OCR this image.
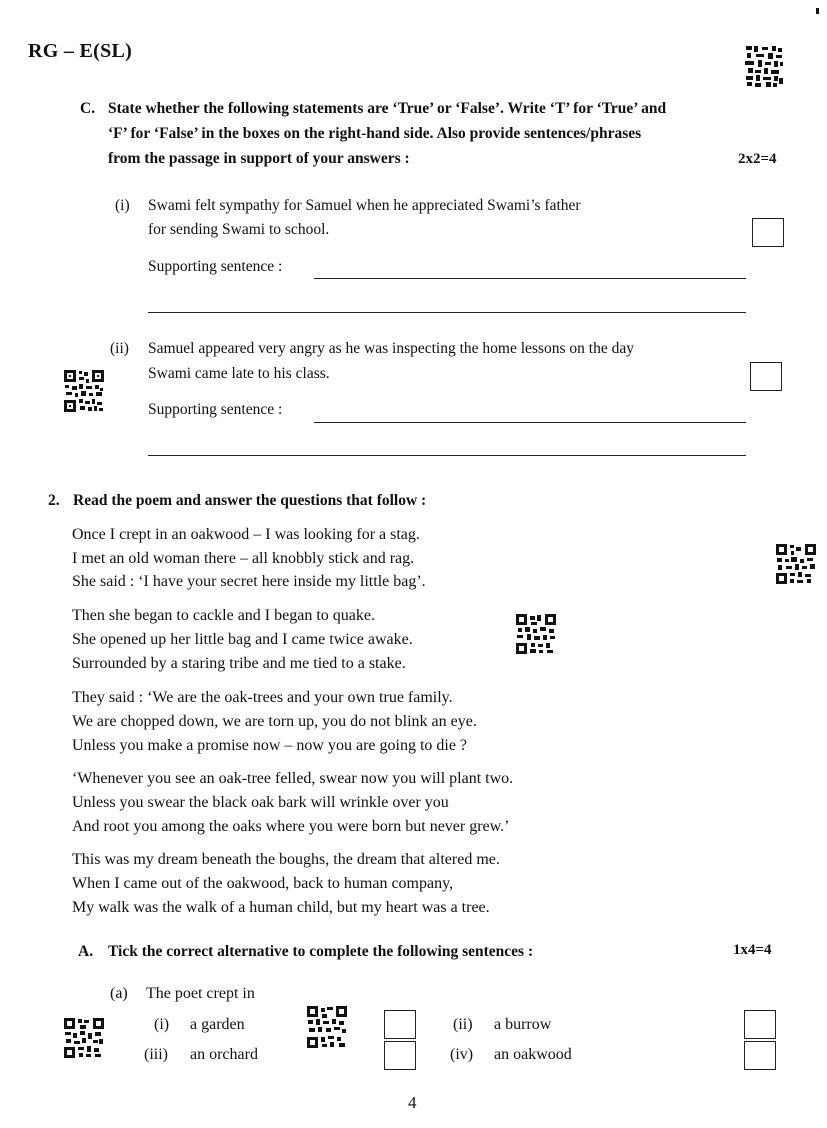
RG – E(SL)
C. State whether the following statements are ‘True’ or ‘False’. Write ‘T’ for ‘True’ and
‘F’ for ‘False’ in the boxes on the right-hand side. Also provide sentences/phrases
from the passage in support of your answers :	2x2=4
(i) Swami felt sympathy for Samuel when he appreciated Swami’s father
for sending Swami to school.
Supporting sentence :
(ii) Samuel appeared very angry as he was inspecting the home lessons on the day
Swami came late to his class.
Supporting sentence :
2. Read the poem and answer the questions that follow :
Once I crept in an oakwood – I was looking for a stag.
I met an old woman there – all knobbly stick and rag.
She said : ‘I have your secret here inside my little bag’.
Then she began to cackle and I began to quake.
She opened up her little bag and I came twice awake.
Surrounded by a staring tribe and me tied to a stake.
They said : ‘We are the oak-trees and your own true family.
We are chopped down, we are torn up, you do not blink an eye.
Unless you make a promise now – now you are going to die ?
‘Whenever you see an oak-tree felled, swear now you will plant two.
Unless you swear the black oak bark will wrinkle over you
And root you among the oaks where you were born but never grew.’
This was my dream beneath the boughs, the dream that altered me.
When I came out of the oakwood, back to human company,
My walk was the walk of a human child, but my heart was a tree.
A. Tick the correct alternative to complete the following sentences :	1x4=4
(a) The poet crept in
(i) a garden
(iii) an orchard
(ii) a burrow
(iv) an oakwood
4
